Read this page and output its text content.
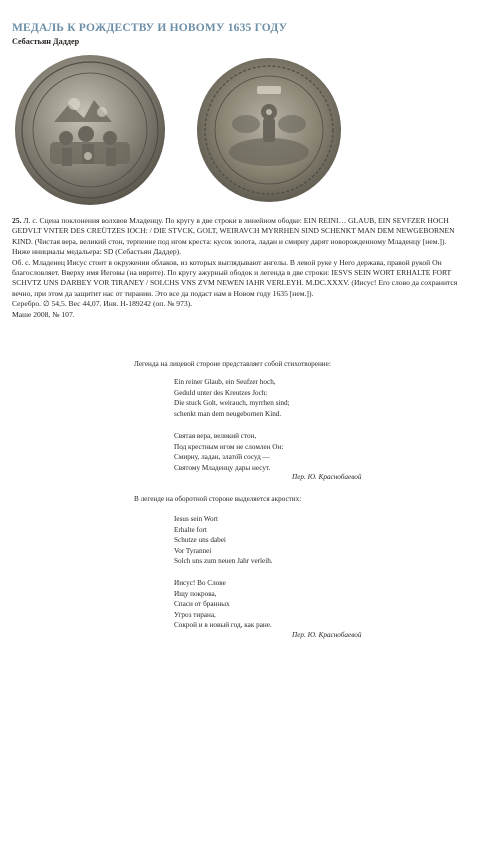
МЕДАЛЬ К РОЖДЕСТВУ И НОВОМУ 1635 ГОДУ
Себастьян Даддер

25. Л. с. Сцена поклонения волхвов Младенцу. По кругу в две строки в линейном ободке: EIN REINI… GLAUB, EIN SEVFZER HOCH GEDVLT VNTER DES CREÜTZES IOCH: / DIE STVCK, GOLT, WEIRAVCH MYRRHEN SIND SCHENKT MAN DEM NEWGEBORNEN KIND. (Чистая вера, великий стон, терпение под игом креста: кусок золота, ладан и смирну дарят новорожденному Младенцу [нем.]). Ниже инициалы медальера: SD (Себастьян Даддер).

Об. с. Младенец Иисус стоит в окружении облаков, из которых выглядывают ангелы. В левой руке у Него держава, правой рукой Он благословляет. Вверху имя Иеговы (на иврите). По кругу ажурный ободок и легенда в две строки: IESVS SEIN WORT ERHALTE FORT SCHVTZ UNS DARBEY VOR TIRANEY / SOLCHS VNS ZVM NEWEN IAHR VERLEYH. M.DC.XXXV. (Иисус! Его слово да сохранится вечно, при этом да защитит нас от тирании. Это все да подаст нам в Новом году 1635 [нем.]).

Серебро. ∅ 54,5. Вес 44,07. Инв. Н-189242 (оп. № 973).

Маше 2008, № 107.

Легенда на лицевой стороне представляет собой стихотворение:
Ein reiner Glaub, ein Seufzer hoch,
Geduld unter des Kreutzes Joch:
Die stuck Golt, weirauch, myrrhen sind;
schenkt man dem neugebornen Kind.
Святая вера, великий стон,
Под крестным игом не сломлен Он:
Смирну, ладан, злато̆й сосуд —
Святому Младенцу дары несут.
Пер. Ю. Краснобаевой
В легенде на оборотной стороне выделяется акростих:
Iesus sein Wort
Erhalte fort
Schutze uns dabei
Vor Tyrannei
Solch uns zum neuen Jahr verleih.
Иисус! Во Слове
Ищу покрова,
Спаси от бранных
Угроз тирана,
Сокрой и в новый год, как ране.
Пер. Ю. Краснобаевой
